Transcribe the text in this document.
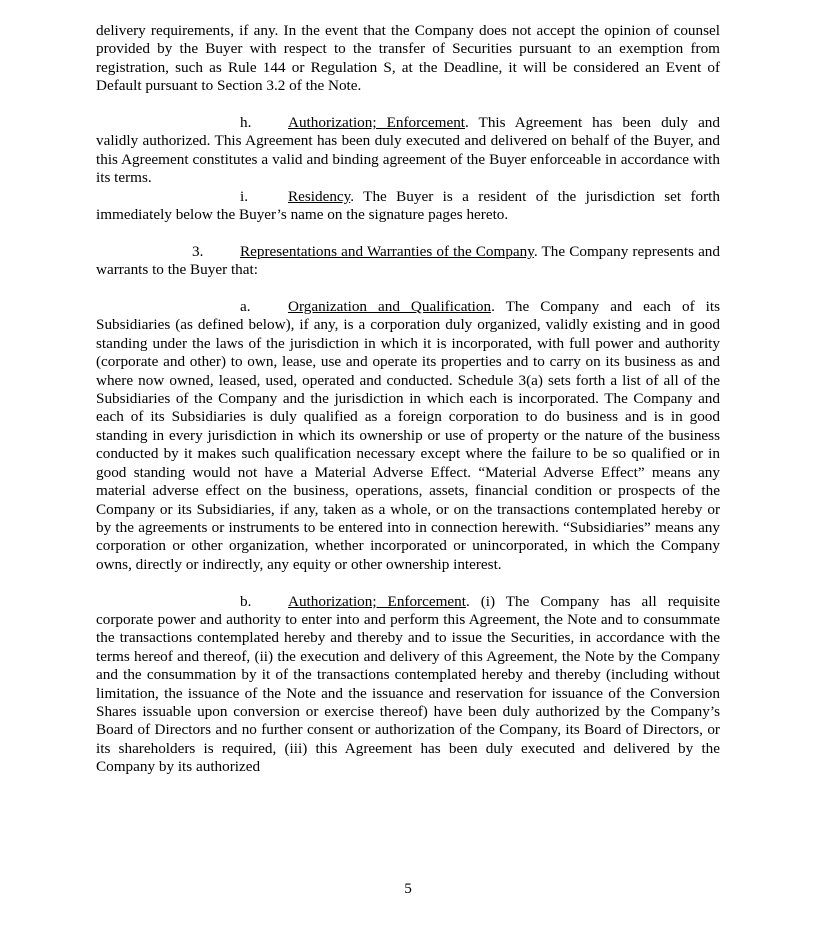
delivery requirements, if any. In the event that the Company does not accept the opinion of counsel provided by the Buyer with respect to the transfer of Securities pursuant to an exemption from registration, such as Rule 144 or Regulation S, at the Deadline, it will be considered an Event of Default pursuant to Section 3.2 of the Note.

h. Authorization; Enforcement. This Agreement has been duly and validly authorized. This Agreement has been duly executed and delivered on behalf of the Buyer, and this Agreement constitutes a valid and binding agreement of the Buyer enforceable in accordance with its terms.

i.	Residency. The Buyer is a resident of the jurisdiction set forth immediately below the Buyer’s name on the signature pages hereto.

3. Representations and Warranties of the Company. The Company represents and warrants to the Buyer that:

a. Organization and Qualification. The Company and each of its Subsidiaries (as defined below), if any, is a corporation duly organized, validly existing and in good standing under the laws of the jurisdiction in which it is incorporated, with full power and authority (corporate and other) to own, lease, use and operate its properties and to carry on its business as and where now owned, leased, used, operated and conducted. Schedule 3(a) sets forth a list of all of the Subsidiaries of the Company and the jurisdiction in which each is incorporated. The Company and each of its Subsidiaries is duly qualified as a foreign corporation to do business and is in good standing in every jurisdiction in which its ownership or use of property or the nature of the business conducted by it makes such qualification necessary except where the failure to be so qualified or in good standing would not have a Material Adverse Effect. “Material Adverse Effect” means any material adverse effect on the business, operations, assets, financial condition or prospects of the Company or its Subsidiaries, if any, taken as a whole, or on the transactions contemplated hereby or by the agreements or instruments to be entered into in connection herewith. “Subsidiaries” means any corporation or other organization, whether incorporated or unincorporated, in which the Company owns, directly or indirectly, any equity or other ownership interest.

b. Authorization; Enforcement. (i) The Company has all requisite corporate power and authority to enter into and perform this Agreement, the Note and to consummate the transactions contemplated hereby and thereby and to issue the Securities, in accordance with the terms hereof and thereof, (ii) the execution and delivery of this Agreement, the Note by the Company and the consummation by it of the transactions contemplated hereby and thereby (including without limitation, the issuance of the Note and the issuance and reservation for issuance of the Conversion Shares issuable upon conversion or exercise thereof) have been duly authorized by the Company’s Board of Directors and no further consent or authorization of the Company, its Board of Directors, or its shareholders is required, (iii) this Agreement has been duly executed and delivered by the Company by its authorized

5
